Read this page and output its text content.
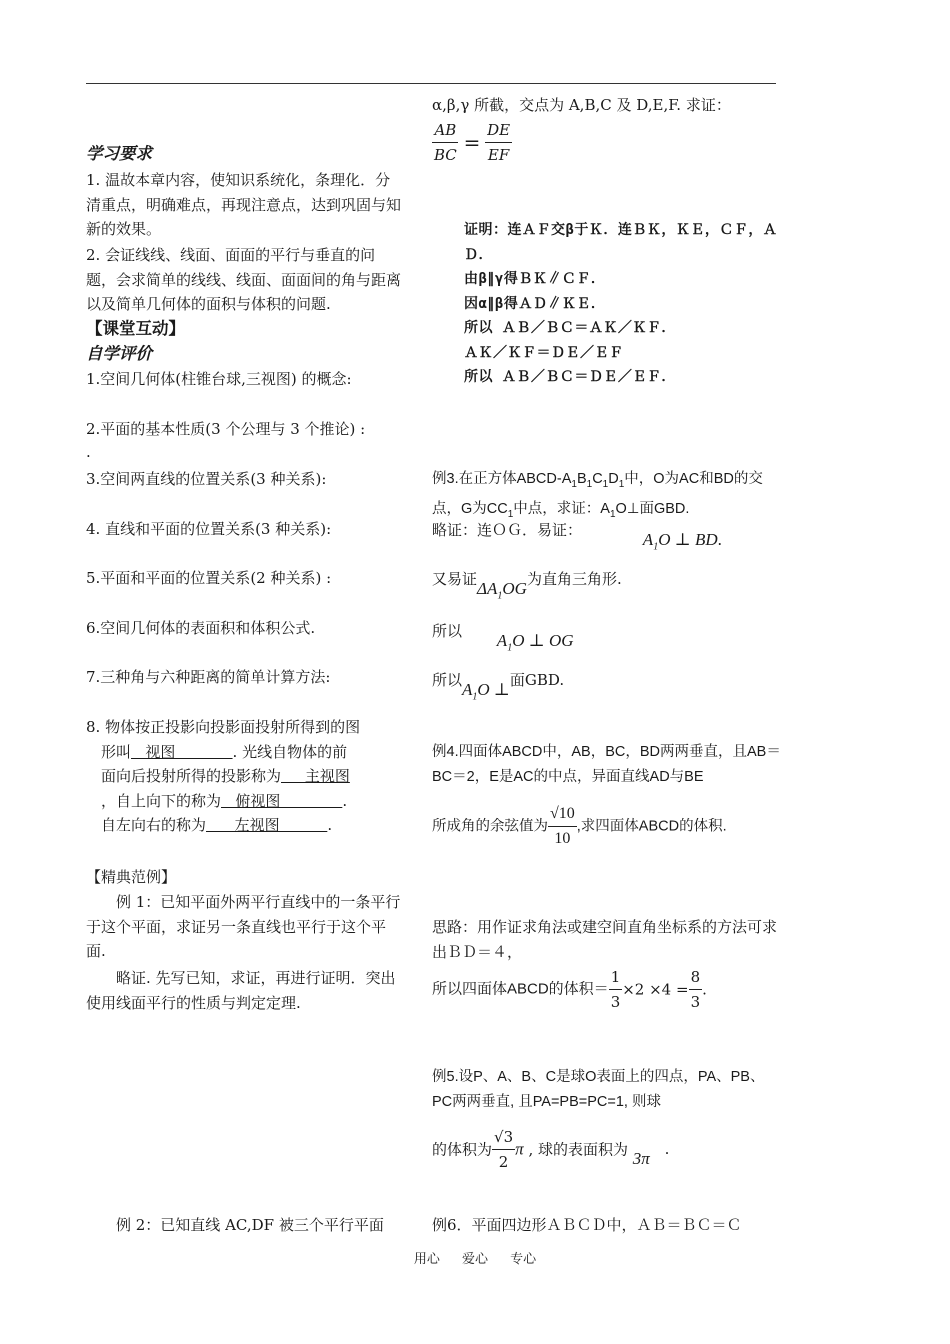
学习要求
1. 温故本章内容，使知识系统化，条理化．分清重点，明确难点，再现注意点，达到巩固与知新的效果。
2. 会证线线、线面、面面的平行与垂直的问题，会求简单的线线、线面、面面间的角与距离以及简单几何体的面积与体积的问题.
【课堂互动】
自学评价
1.空间几何体(柱锥台球,三视图) 的概念:
2.平面的基本性质(3 个公理与 3 个推论) :
.
3.空间两直线的位置关系(3 种关系):
4. 直线和平面的位置关系(3 种关系):
5.平面和平面的位置关系(2 种关系) :
6.空间几何体的表面积和体积公式.
7.三种角与六种距离的简单计算方法:
8. 物体按正投影向投影面投射所得到的图
形叫   视图            . 光线自物体的前
面向后投射所得的投影称为     主视图
，自上向下的称为   俯视图             .
自左向右的称为      左视图          .
【精典范例】
例 1：已知平面外两平行直线中的一条平行于这个平面，求证另一条直线也平行于这个平面.
略证. 先写已知，求证，再进行证明．突出使用线面平行的性质与判定定理.
例 2：已知直线 AC,DF 被三个平行平面
α,β,γ 所截，交点为 A,B,C 及 D,E,F. 求证：
$\frac{AB}{BC} = \frac{DE}{EF}$
证明：连ＡＦ交β于Ｋ．连ＢＫ，ＫＥ，ＣＦ，ＡＤ．
由β∥γ得ＢＫ∥ＣＦ．
因α∥β得ＡＤ∥ＫＥ．
所以 ＡＢ／ＢＣ＝ＡＫ／ＫＦ．
ＡＫ／ＫＦ＝ＤＥ／ＥＦ
所以 ＡＢ／ＢＣ＝ＤＥ／ＥＦ．
例3.在正方体ABCD-$A_1B_1C_1D_1$中，O为AC和BD的交点，G为$CC_1$中点，求证：$A_1O\perp$面GBD.
略证：连ＯＧ．易证：	$A_1O$ ⊥ BD.
又易证$\Delta A_1OG$为直角三角形.
所以 $A_1O$ ⊥ OG
所以$A_1O$ ⊥面GBD.
例4.四面体ABCD中，AB，BC，BD两两垂直，且AB＝BC＝2，E是AC的中点，异面直线AD与BE
所成角的余弦值为 $\frac{√10}{10}$ ,求四面体ABCD的体积.
思路：用作证求角法或建空间直角坐标系的方法可求出ＢＤ＝４，
所以四面体ABCD的体积＝ $\frac{1}{3} \times 2 \times 4 = \frac{8}{3}$ .
例5.设P、A、B、C是球O表面上的四点，PA、PB、PC两两垂直, 且PA=PB=PC=1, 则球
的体积为 $\frac{√3}{2}$ π , 球的表面积为 3π .
例6．平面四边形ＡＢＣＤ中，ＡＢ＝ＢＣ＝Ｃ
用心 爱心 专心
